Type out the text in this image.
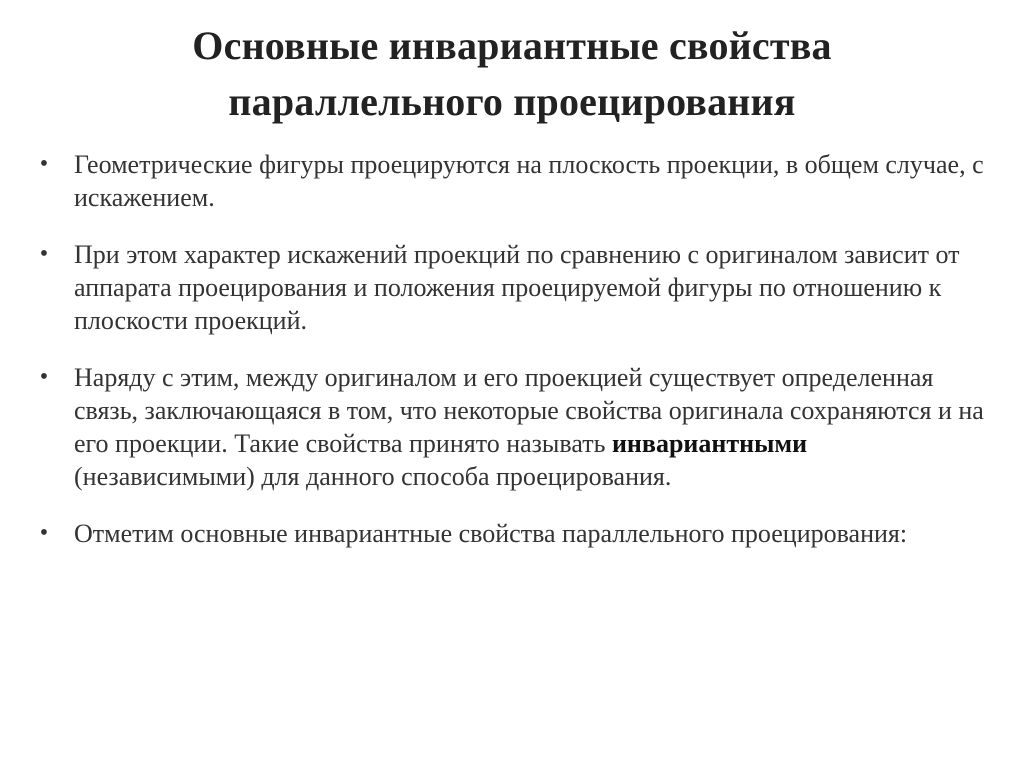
Основные инвариантные свойства
параллельного проецирования
• Геометрические фигуры проецируются на плоскость проекции, в общем случае, с искажением.
• При этом характер искажений проекций по сравнению с оригиналом зависит от аппарата проецирования и положения проецируемой фигуры по отношению к плоскости проекций.
• Наряду с этим, между оригиналом и его проекцией существует определенная связь, заключающаяся в том, что некоторые свойства оригинала сохраняются и на его проекции. Такие свойства принято называть инвариантными (независимыми) для данного способа проецирования.
• Отметим основные инвариантные свойства параллельного проецирования:
